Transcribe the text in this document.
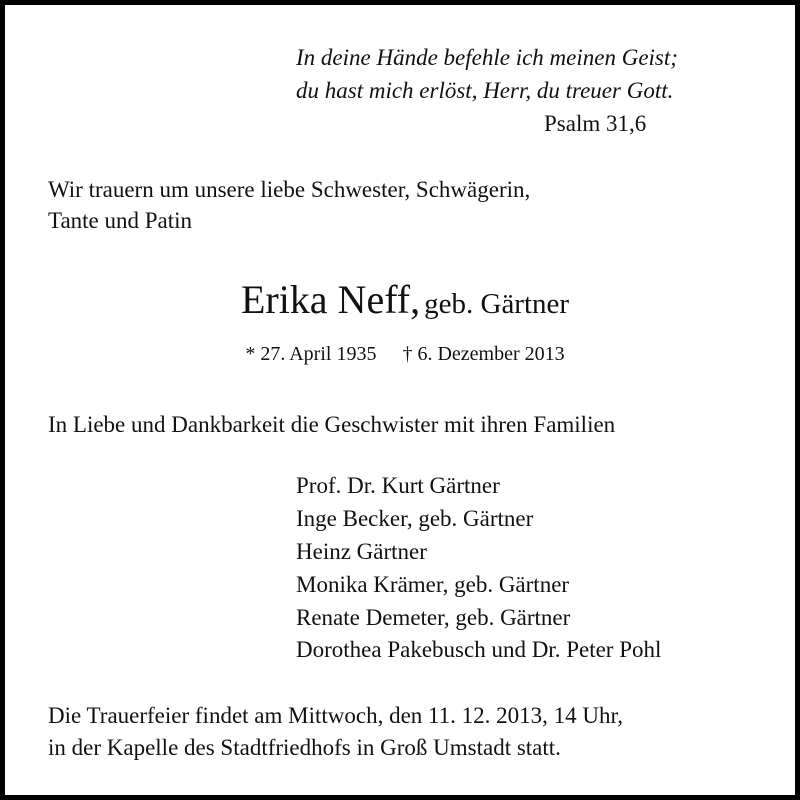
In deine Hände befehle ich meinen Geist;
du hast mich erlöst, Herr, du treuer Gott.
Psalm 31,6
Wir trauern um unsere liebe Schwester, Schwägerin,
Tante und Patin
Erika Neff, geb. Gärtner
* 27. April 1935 † 6. Dezember 2013
In Liebe und Dankbarkeit die Geschwister mit ihren Familien
Prof. Dr. Kurt Gärtner
Inge Becker, geb. Gärtner
Heinz Gärtner
Monika Krämer, geb. Gärtner
Renate Demeter, geb. Gärtner
Dorothea Pakebusch und Dr. Peter Pohl
Die Trauerfeier findet am Mittwoch, den 11. 12. 2013, 14 Uhr,
in der Kapelle des Stadtfriedhofs in Groß Umstadt statt.
